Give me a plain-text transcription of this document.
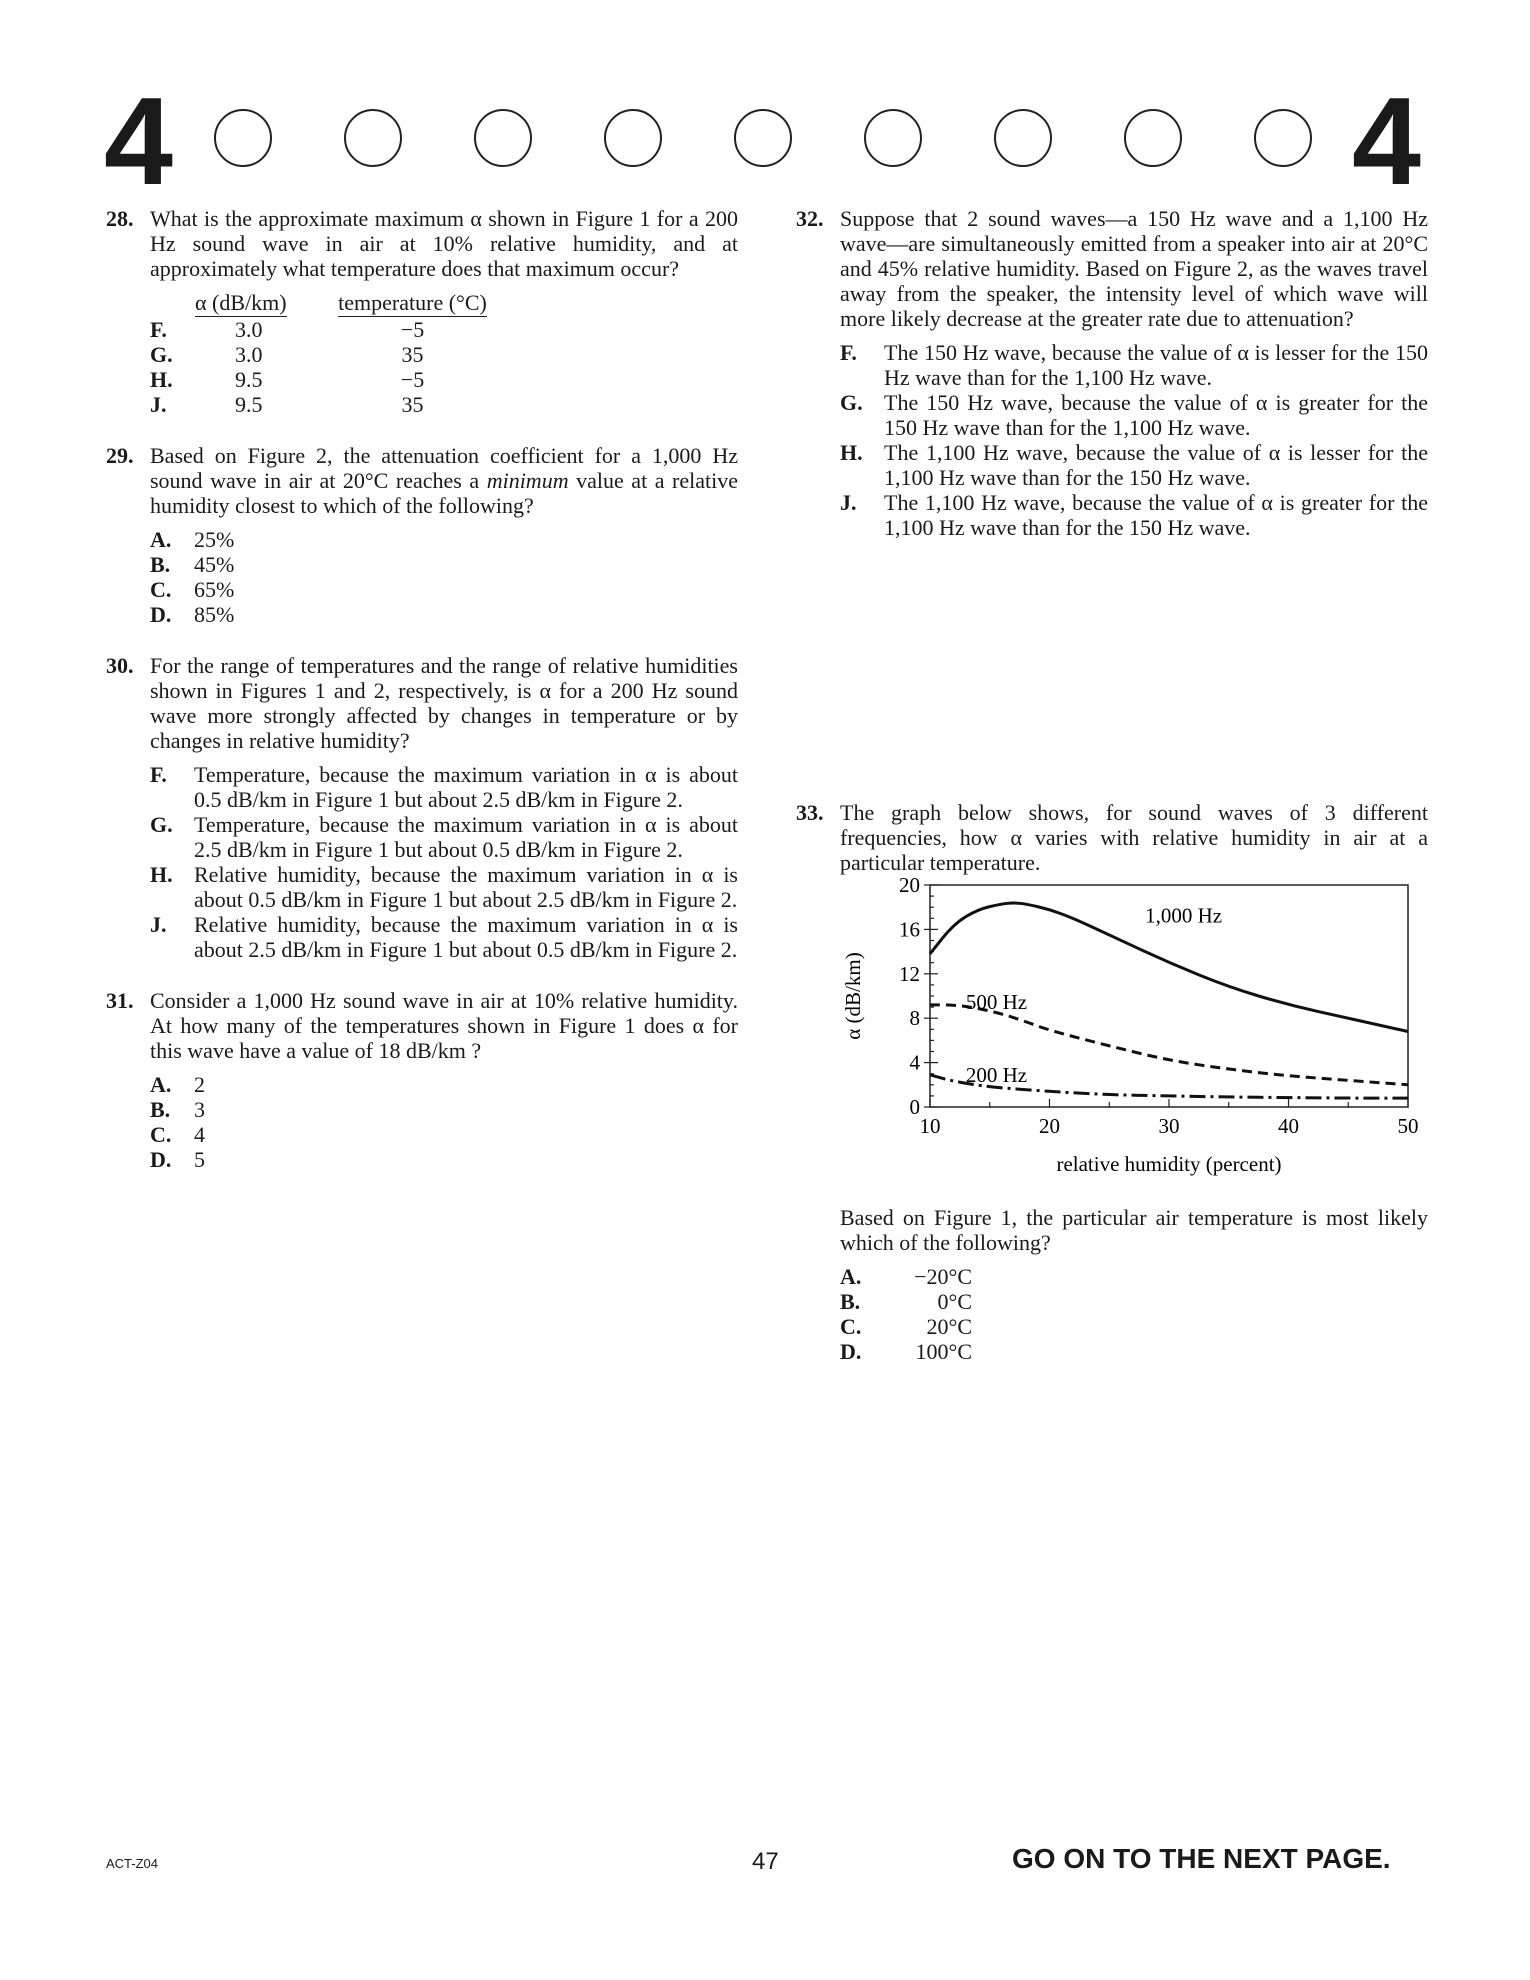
4	4
28. What is the approximate maximum α shown in Figure 1 for a 200 Hz sound wave in air at 10% relative humidity, and at approximately what temperature does that maximum occur?
	α (dB/km)	temperature (°C)
F.	3.0	−5
G.	3.0	35
H.	9.5	−5
J.	9.5	35
29. Based on Figure 2, the attenuation coefficient for a 1,000 Hz sound wave in air at 20°C reaches a minimum value at a relative humidity closest to which of the following?
A. 25%
B. 45%
C. 65%
D. 85%
30. For the range of temperatures and the range of relative humidities shown in Figures 1 and 2, respectively, is α for a 200 Hz sound wave more strongly affected by changes in temperature or by changes in relative humidity?
F. Temperature, because the maximum variation in α is about 0.5 dB/km in Figure 1 but about 2.5 dB/km in Figure 2.
G. Temperature, because the maximum variation in α is about 2.5 dB/km in Figure 1 but about 0.5 dB/km in Figure 2.
H. Relative humidity, because the maximum variation in α is about 0.5 dB/km in Figure 1 but about 2.5 dB/km in Figure 2.
J. Relative humidity, because the maximum variation in α is about 2.5 dB/km in Figure 1 but about 0.5 dB/km in Figure 2.
31. Consider a 1,000 Hz sound wave in air at 10% relative humidity. At how many of the temperatures shown in Figure 1 does α for this wave have a value of 18 dB/km ?
A. 2
B. 3
C. 4
D. 5
32. Suppose that 2 sound waves—a 150 Hz wave and a 1,100 Hz wave—are simultaneously emitted from a speaker into air at 20°C and 45% relative humidity. Based on Figure 2, as the waves travel away from the speaker, the intensity level of which wave will more likely decrease at the greater rate due to attenuation?
F. The 150 Hz wave, because the value of α is lesser for the 150 Hz wave than for the 1,100 Hz wave.
G. The 150 Hz wave, because the value of α is greater for the 150 Hz wave than for the 1,100 Hz wave.
H. The 1,100 Hz wave, because the value of α is lesser for the 1,100 Hz wave than for the 150 Hz wave.
J. The 1,100 Hz wave, because the value of α is greater for the 1,100 Hz wave than for the 150 Hz wave.
33. The graph below shows, for sound waves of 3 different frequencies, how α varies with relative humidity in air at a particular temperature.
0
4
8
12
16
20
10	20	30	40	50
relative humidity (percent)
α (dB/km)
1,000 Hz
500 Hz
200 Hz
Based on Figure 1, the particular air temperature is most likely which of the following?
A. −20°C
B.	0°C
C.	20°C
D. 100°C
ACT-Z04	47	GO ON TO THE NEXT PAGE.
